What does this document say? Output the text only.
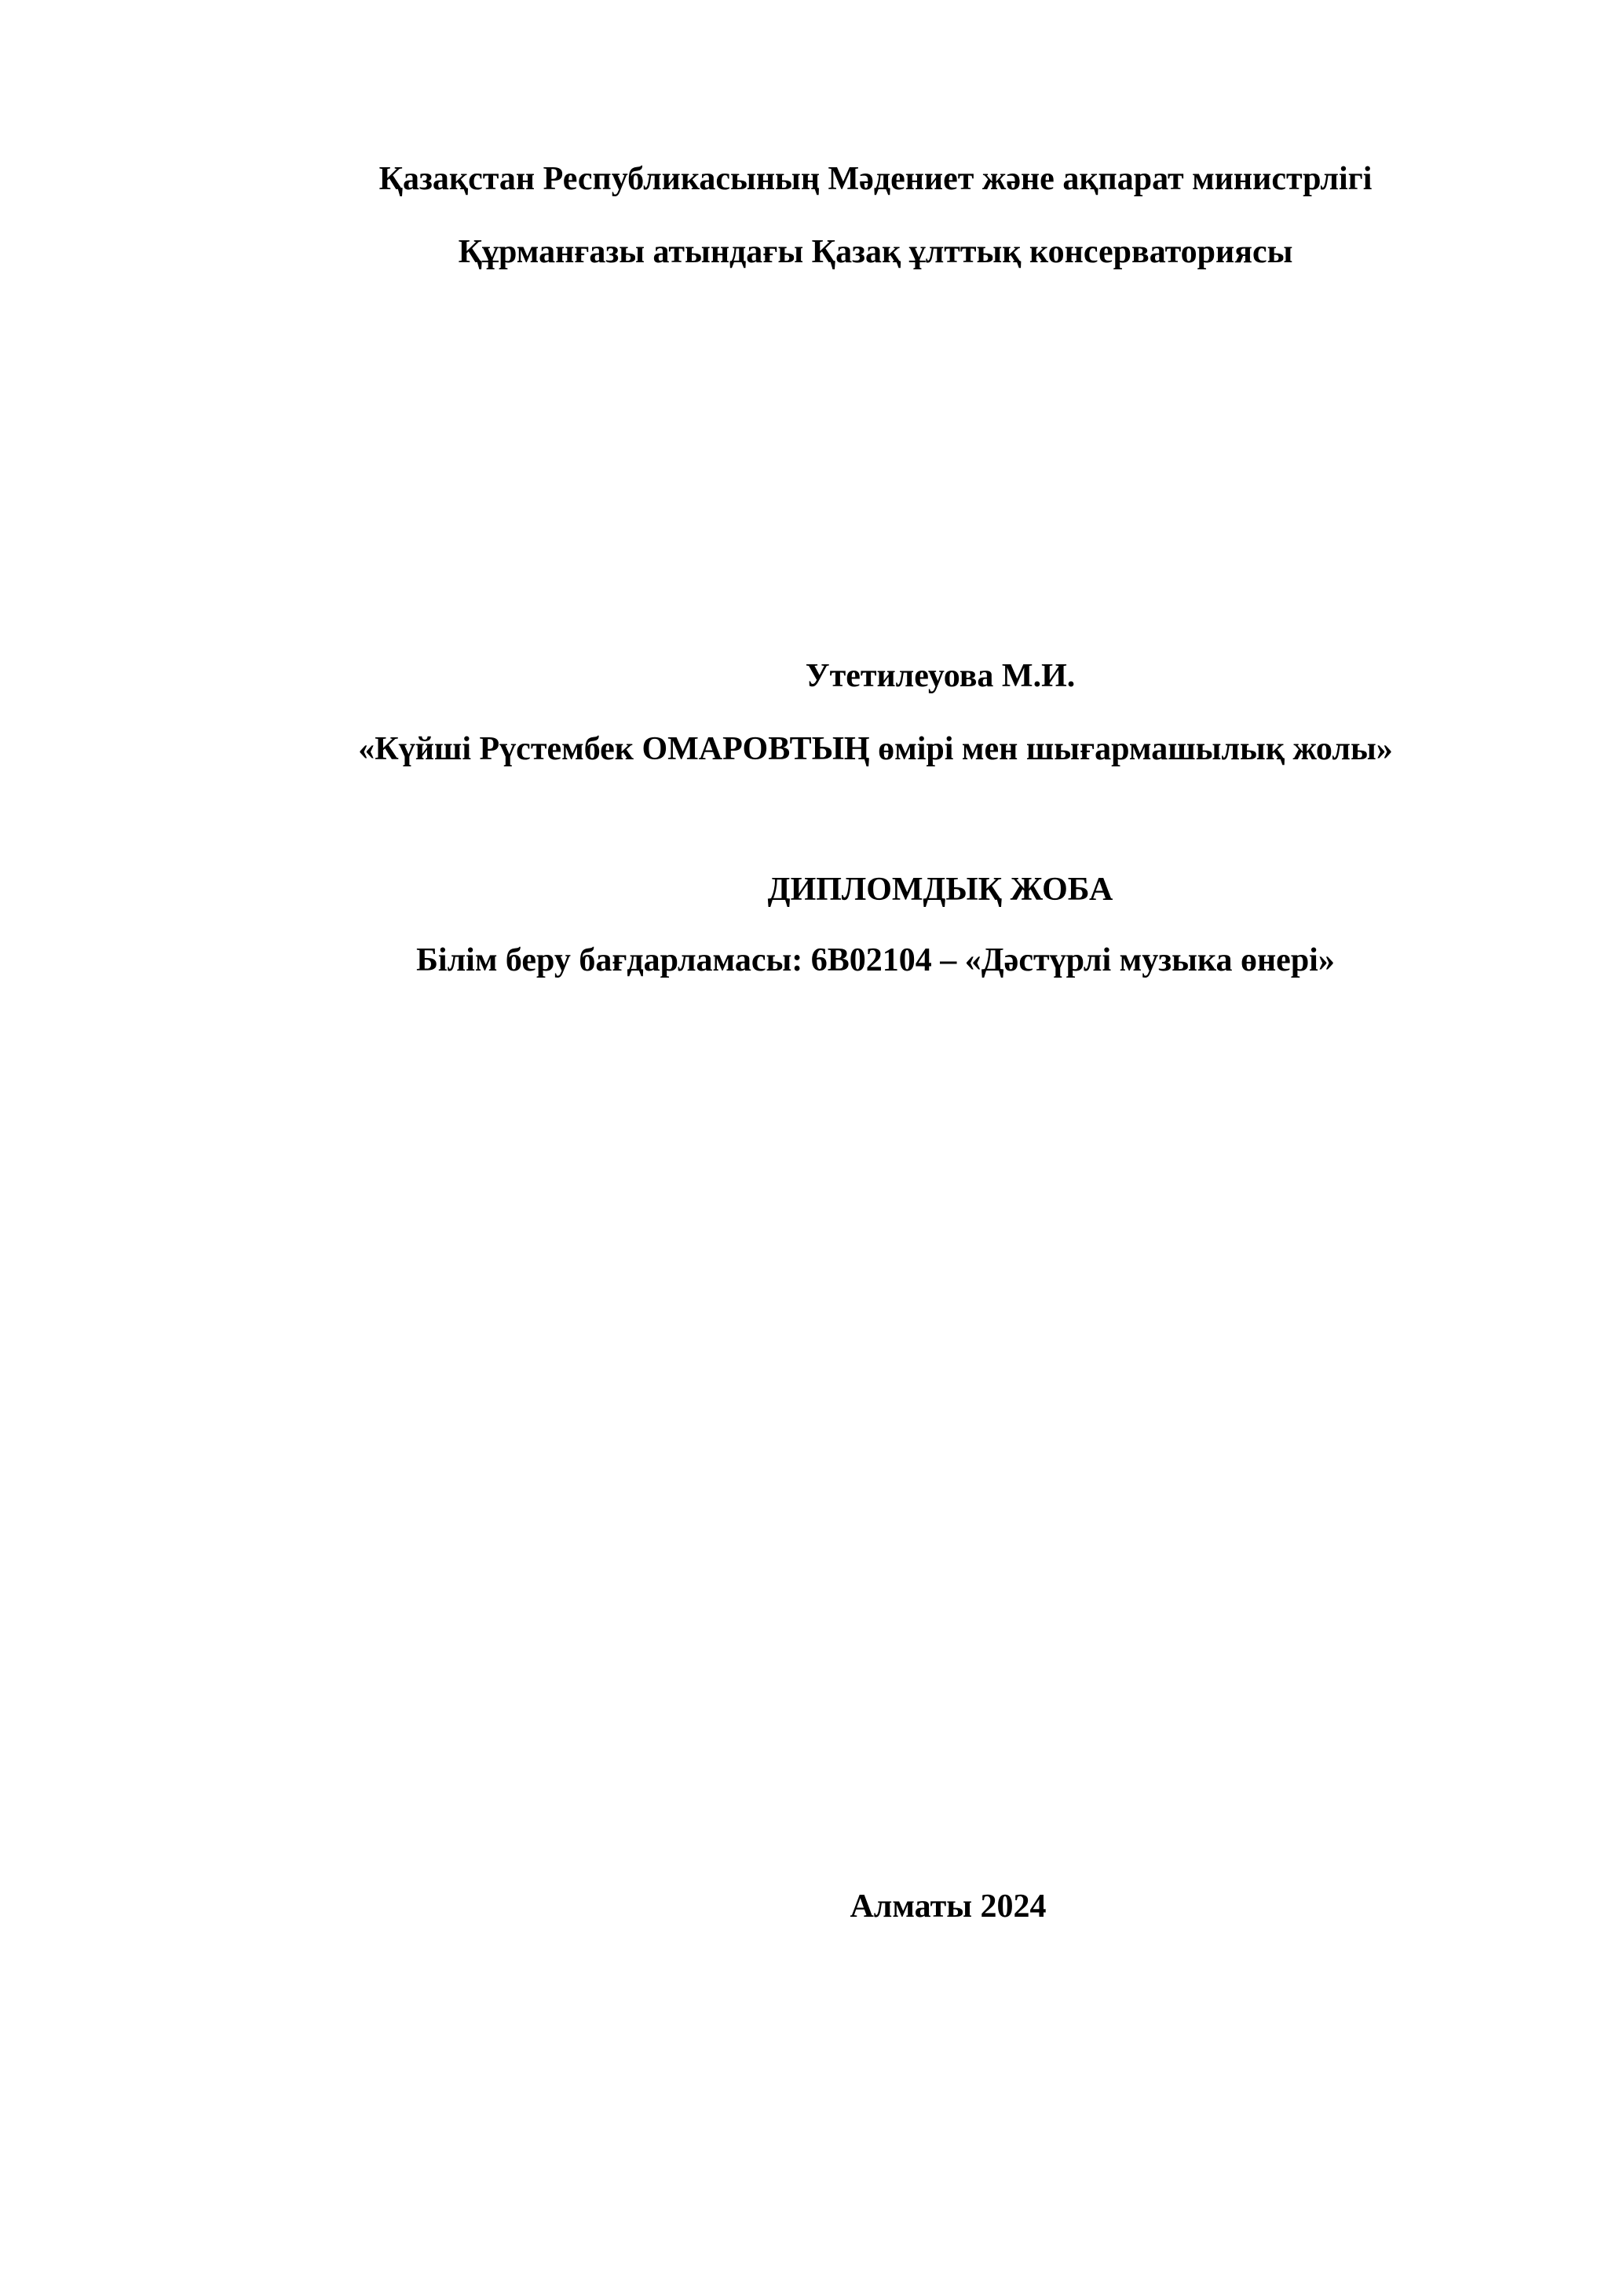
Қазақстан Республикасының Мәдениет және ақпарат министрлігі
Құрманғазы атындағы Қазақ ұлттық консерваториясы
Утетилеуова М.И.
«Күйші Рүстембек ОМАРОВТЫҢ өмірі мен шығармашылық жолы»
ДИПЛОМДЫҚ ЖОБА
Білім беру бағдарламасы: 6В02104 – «Дәстүрлі музыка өнері»
Алматы 2024
